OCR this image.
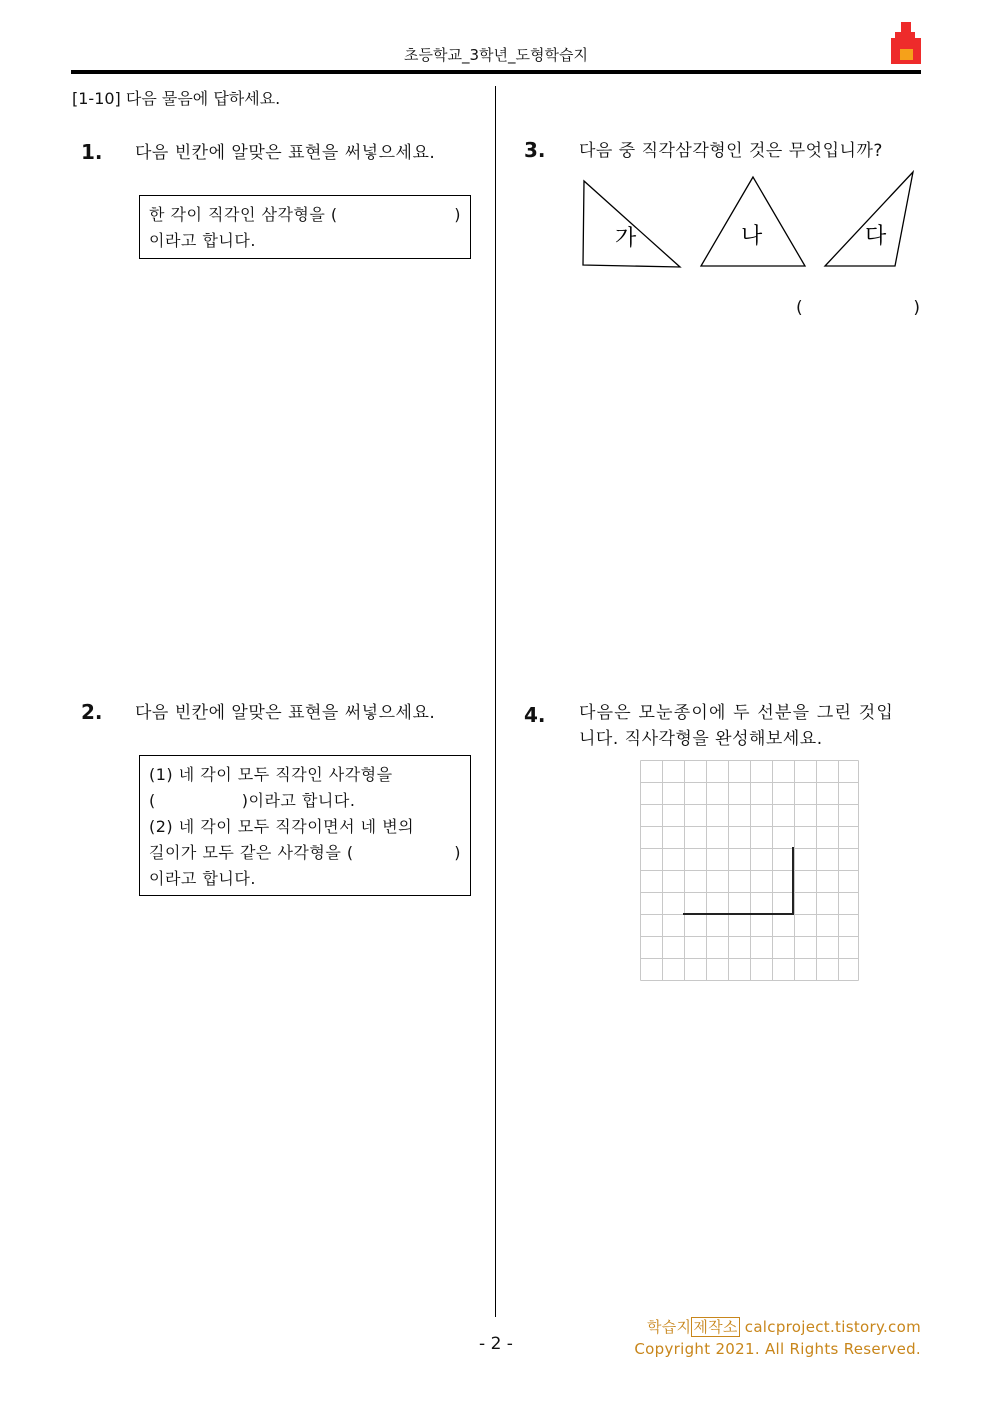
초등학교_3학년_도형학습지
[1-10] 다음 물음에 답하세요.
1. 다음 빈칸에 알맞은 표현을 써넣으세요.
한 각이 직각인 삼각형을 (	)
이라고 합니다.
2. 다음 빈칸에 알맞은 표현을 써넣으세요.
(1) 네 각이 모두 직각인 사각형을
(	)이라고 합니다.
(2) 네 각이 모두 직각이면서 네 변의
길이가 모두 같은 사각형을 (	)
이라고 합니다.
3. 다음 중 직각삼각형인 것은 무엇입니까?
가	나	다
(	)
4. 다음은 모눈종이에 두 선분을 그린 것입
니다. 직사각형을 완성해보세요.
- 2 -
학습지 제작소 calcproject.tistory.com
Copyright 2021. All Rights Reserved.
